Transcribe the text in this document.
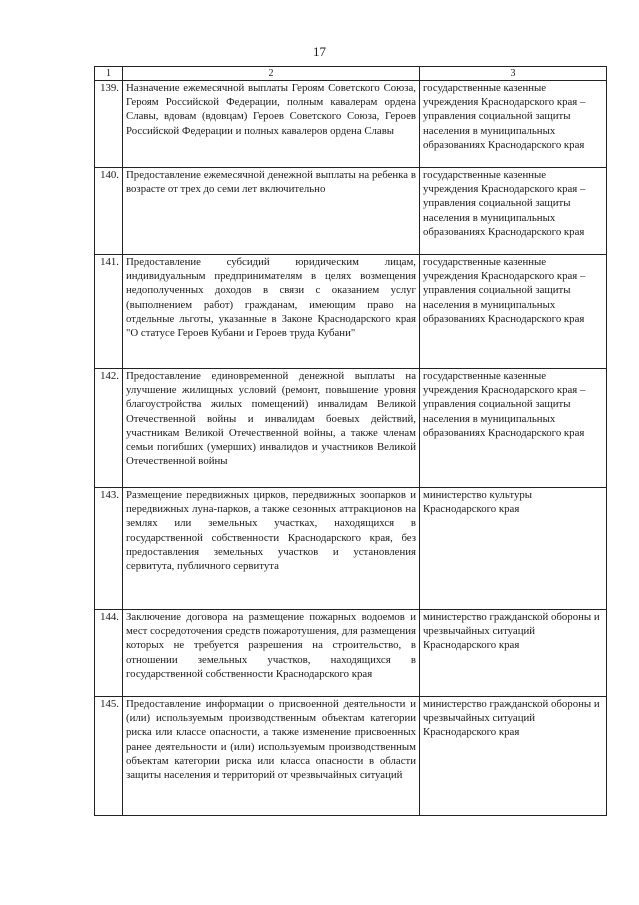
17
1	2	3
139.	Назначение ежемесячной выплаты Героям Советского Союза, Героям Российской Федерации, полным кавалерам ордена Славы, вдовам (вдовцам) Героев Советского Союза, Героев Российской Федерации и полных кавалеров ордена Славы	государственные казенные учреждения Краснодарского края – управления социальной защиты населения в муниципальных образованиях Краснодарского края
140.	Предоставление ежемесячной денежной выплаты на ребенка в возрасте от трех до семи лет включительно	государственные казенные учреждения Краснодарского края – управления социальной защиты населения в муниципальных образованиях Краснодарского края
141.	Предоставление субсидий юридическим лицам, индивидуальным предпринимателям в целях возмещения недополученных доходов в связи с оказанием услуг (выполнением работ) гражданам, имеющим право на отдельные льготы, указанные в Законе Краснодарского края "О статусе Героев Кубани и Героев труда Кубани"	государственные казенные учреждения Краснодарского края – управления социальной защиты населения в муниципальных образованиях Краснодарского края
142.	Предоставление единовременной денежной выплаты на улучшение жилищных условий (ремонт, повышение уровня благоустройства жилых помещений) инвалидам Великой Отечественной войны и инвалидам боевых действий, участникам Великой Отечественной войны, а также членам семьи погибших (умерших) инвалидов и участников Великой Отечественной войны	государственные казенные учреждения Краснодарского края – управления социальной защиты населения в муниципальных образованиях Краснодарского края
143.	Размещение передвижных цирков, передвижных зоопарков и передвижных луна-парков, а также сезонных аттракционов на землях или земельных участках, находящихся в государственной собственности Краснодарского края, без предоставления земельных участков и установления сервитута, публичного сервитута	министерство культуры Краснодарского края
144.	Заключение договора на размещение пожарных водоемов и мест сосредоточения средств пожаротушения, для размещения которых не требуется разрешения на строительство, в отношении земельных участков, находящихся в государственной собственности Краснодарского края	министерство гражданской обороны и чрезвычайных ситуаций Краснодарского края
145.	Предоставление информации о присвоенной деятельности и (или) используемым производственным объектам категории риска или классе опасности, а также изменение присвоенных ранее деятельности и (или) используемым производственным объектам категории риска или класса опасности в области защиты населения и территорий от чрезвычайных ситуаций	министерство гражданской обороны и чрезвычайных ситуаций Краснодарского края
